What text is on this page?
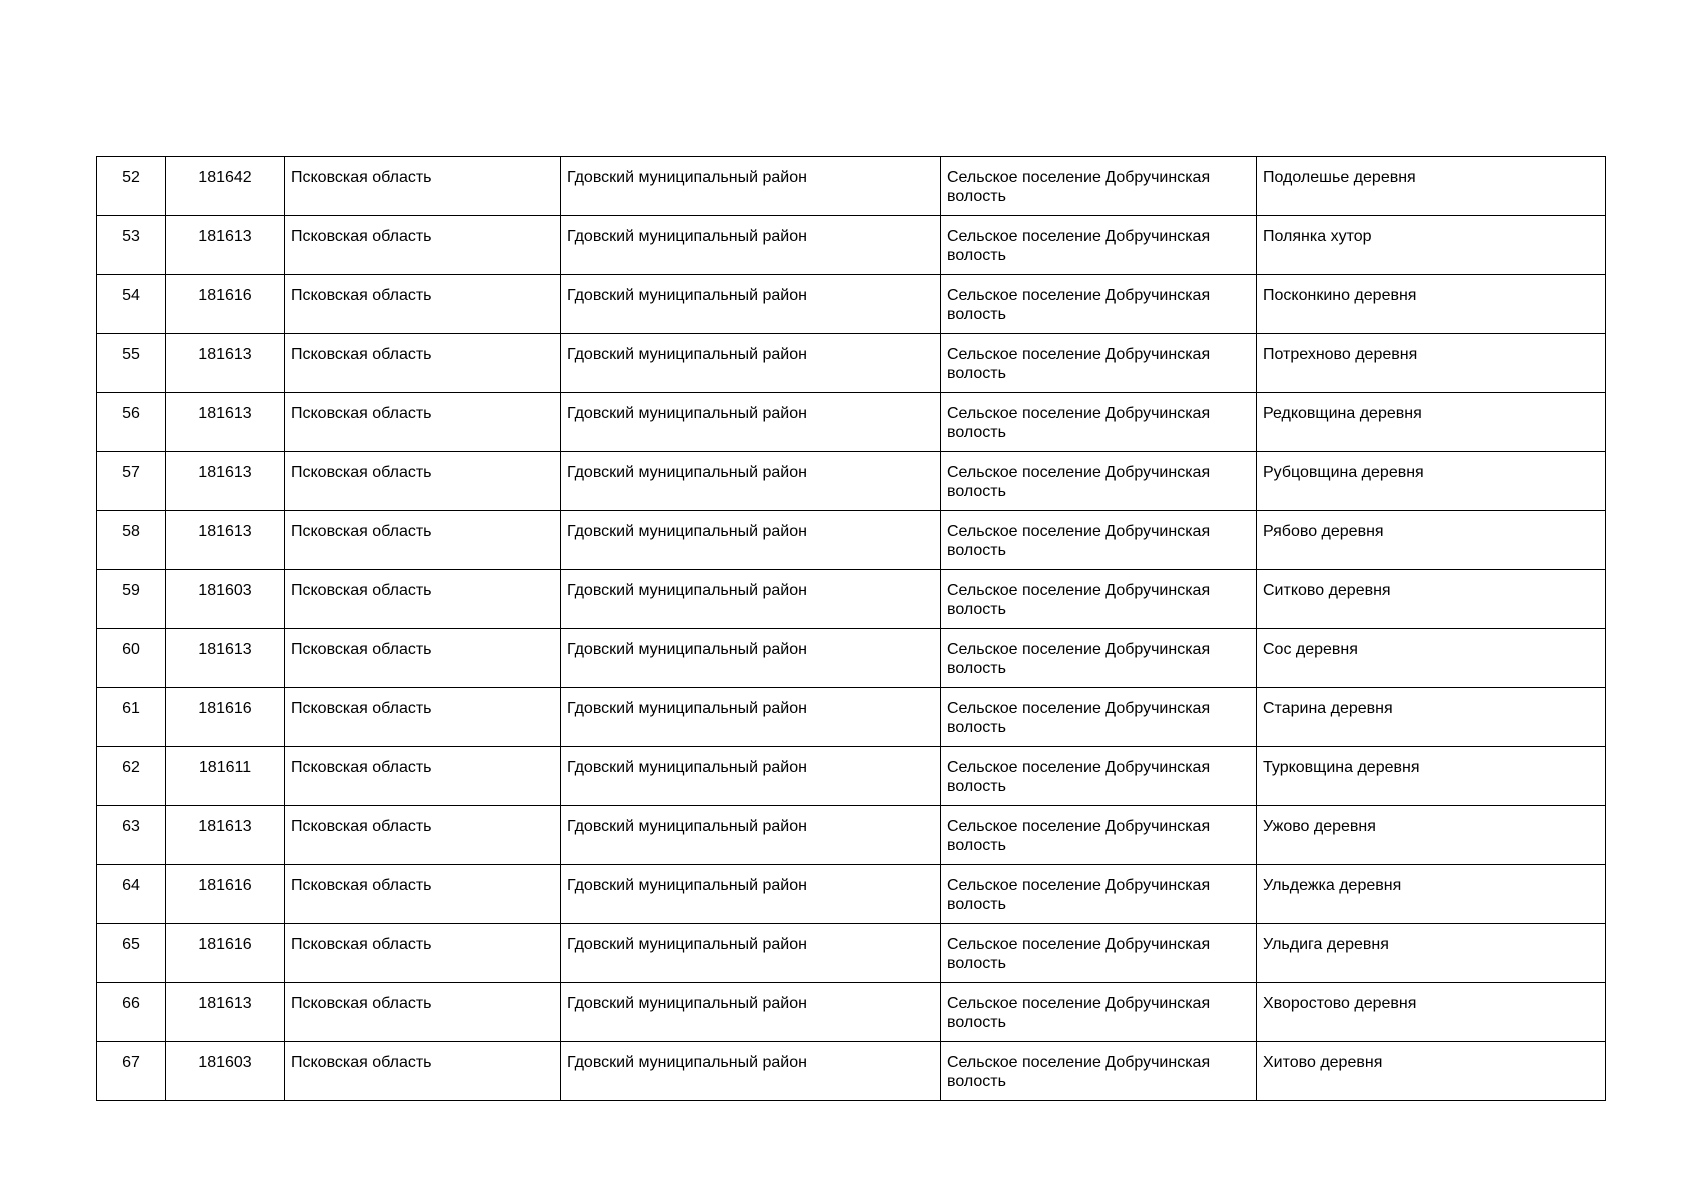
52	181642	Псковская область	Гдовский муниципальный район	Сельское поселение Добручинская волость	Подолешье деревня
53	181613	Псковская область	Гдовский муниципальный район	Сельское поселение Добручинская волость	Полянка хутор
54	181616	Псковская область	Гдовский муниципальный район	Сельское поселение Добручинская волость	Посконкино деревня
55	181613	Псковская область	Гдовский муниципальный район	Сельское поселение Добручинская волость	Потрехново деревня
56	181613	Псковская область	Гдовский муниципальный район	Сельское поселение Добручинская волость	Редковщина деревня
57	181613	Псковская область	Гдовский муниципальный район	Сельское поселение Добручинская волость	Рубцовщина деревня
58	181613	Псковская область	Гдовский муниципальный район	Сельское поселение Добручинская волость	Рябово деревня
59	181603	Псковская область	Гдовский муниципальный район	Сельское поселение Добручинская волость	Ситково деревня
60	181613	Псковская область	Гдовский муниципальный район	Сельское поселение Добручинская волость	Сос деревня
61	181616	Псковская область	Гдовский муниципальный район	Сельское поселение Добручинская волость	Старина деревня
62	181611	Псковская область	Гдовский муниципальный район	Сельское поселение Добручинская волость	Турковщина деревня
63	181613	Псковская область	Гдовский муниципальный район	Сельское поселение Добручинская волость	Ужово деревня
64	181616	Псковская область	Гдовский муниципальный район	Сельское поселение Добручинская волость	Ульдежка деревня
65	181616	Псковская область	Гдовский муниципальный район	Сельское поселение Добручинская волость	Ульдига деревня
66	181613	Псковская область	Гдовский муниципальный район	Сельское поселение Добручинская волость	Хворостово деревня
67	181603	Псковская область	Гдовский муниципальный район	Сельское поселение Добручинская волость	Хитово деревня
